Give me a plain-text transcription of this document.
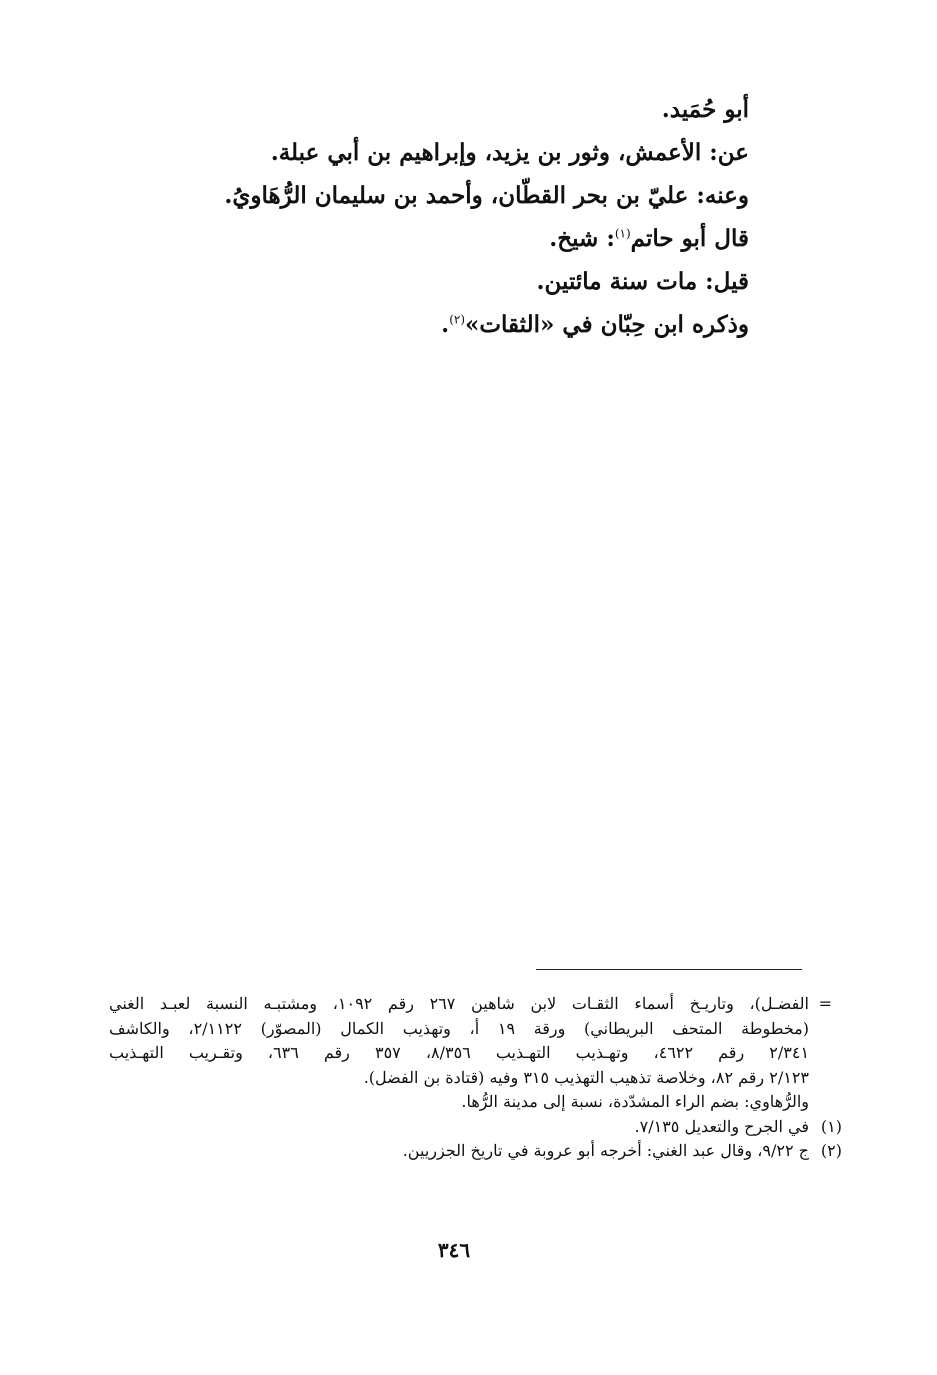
أبو حُمَيد.
عن: الأعمش، وثور بن يزيد، وإبراهيم بن أبي عبلة.
وعنه: عليّ بن بحر القطّان، وأحمد بن سليمان الرُّهَاويُ.
قال أبو حاتم$^{(١)}$: شيخ.
قيل: مات سنة مائتين.
وذكره ابن حِبّان في «الثقات»$^{(٢)}$.
=
الفضـل)، وتاريـخ أسماء الثقـات لابن شاهين ٢٦٧ رقم ١٠٩٢، ومشتبـه النسبة لعبـد الغني
(مخطوطة المتحف البريطاني) ورقة ١٩ أ، وتهذيب الكمال (المصوّر) ٢/١١٢٢، والكاشف
٢/٣٤١ رقم ٤٦٢٢، وتهـذيب التهـذيب ٨/٣٥٦، ٣٥٧ رقم ٦٣٦، وتقـريب التهـذيب
٢/١٢٣ رقم ٨٢، وخلاصة تذهيب التهذيب ٣١٥ وفيه (قتادة بن الفضل).
والرُّهاوي: بضم الراء المشدّدة، نسبة إلى مدينة الرُّها.
(١)
في الجرح والتعديل ٧/١٣٥.
(٢)
ج ٩/٢٢، وقال عبد الغني: أخرجه أبو عروبة في تاريخ الجزريين.
٣٤٦
